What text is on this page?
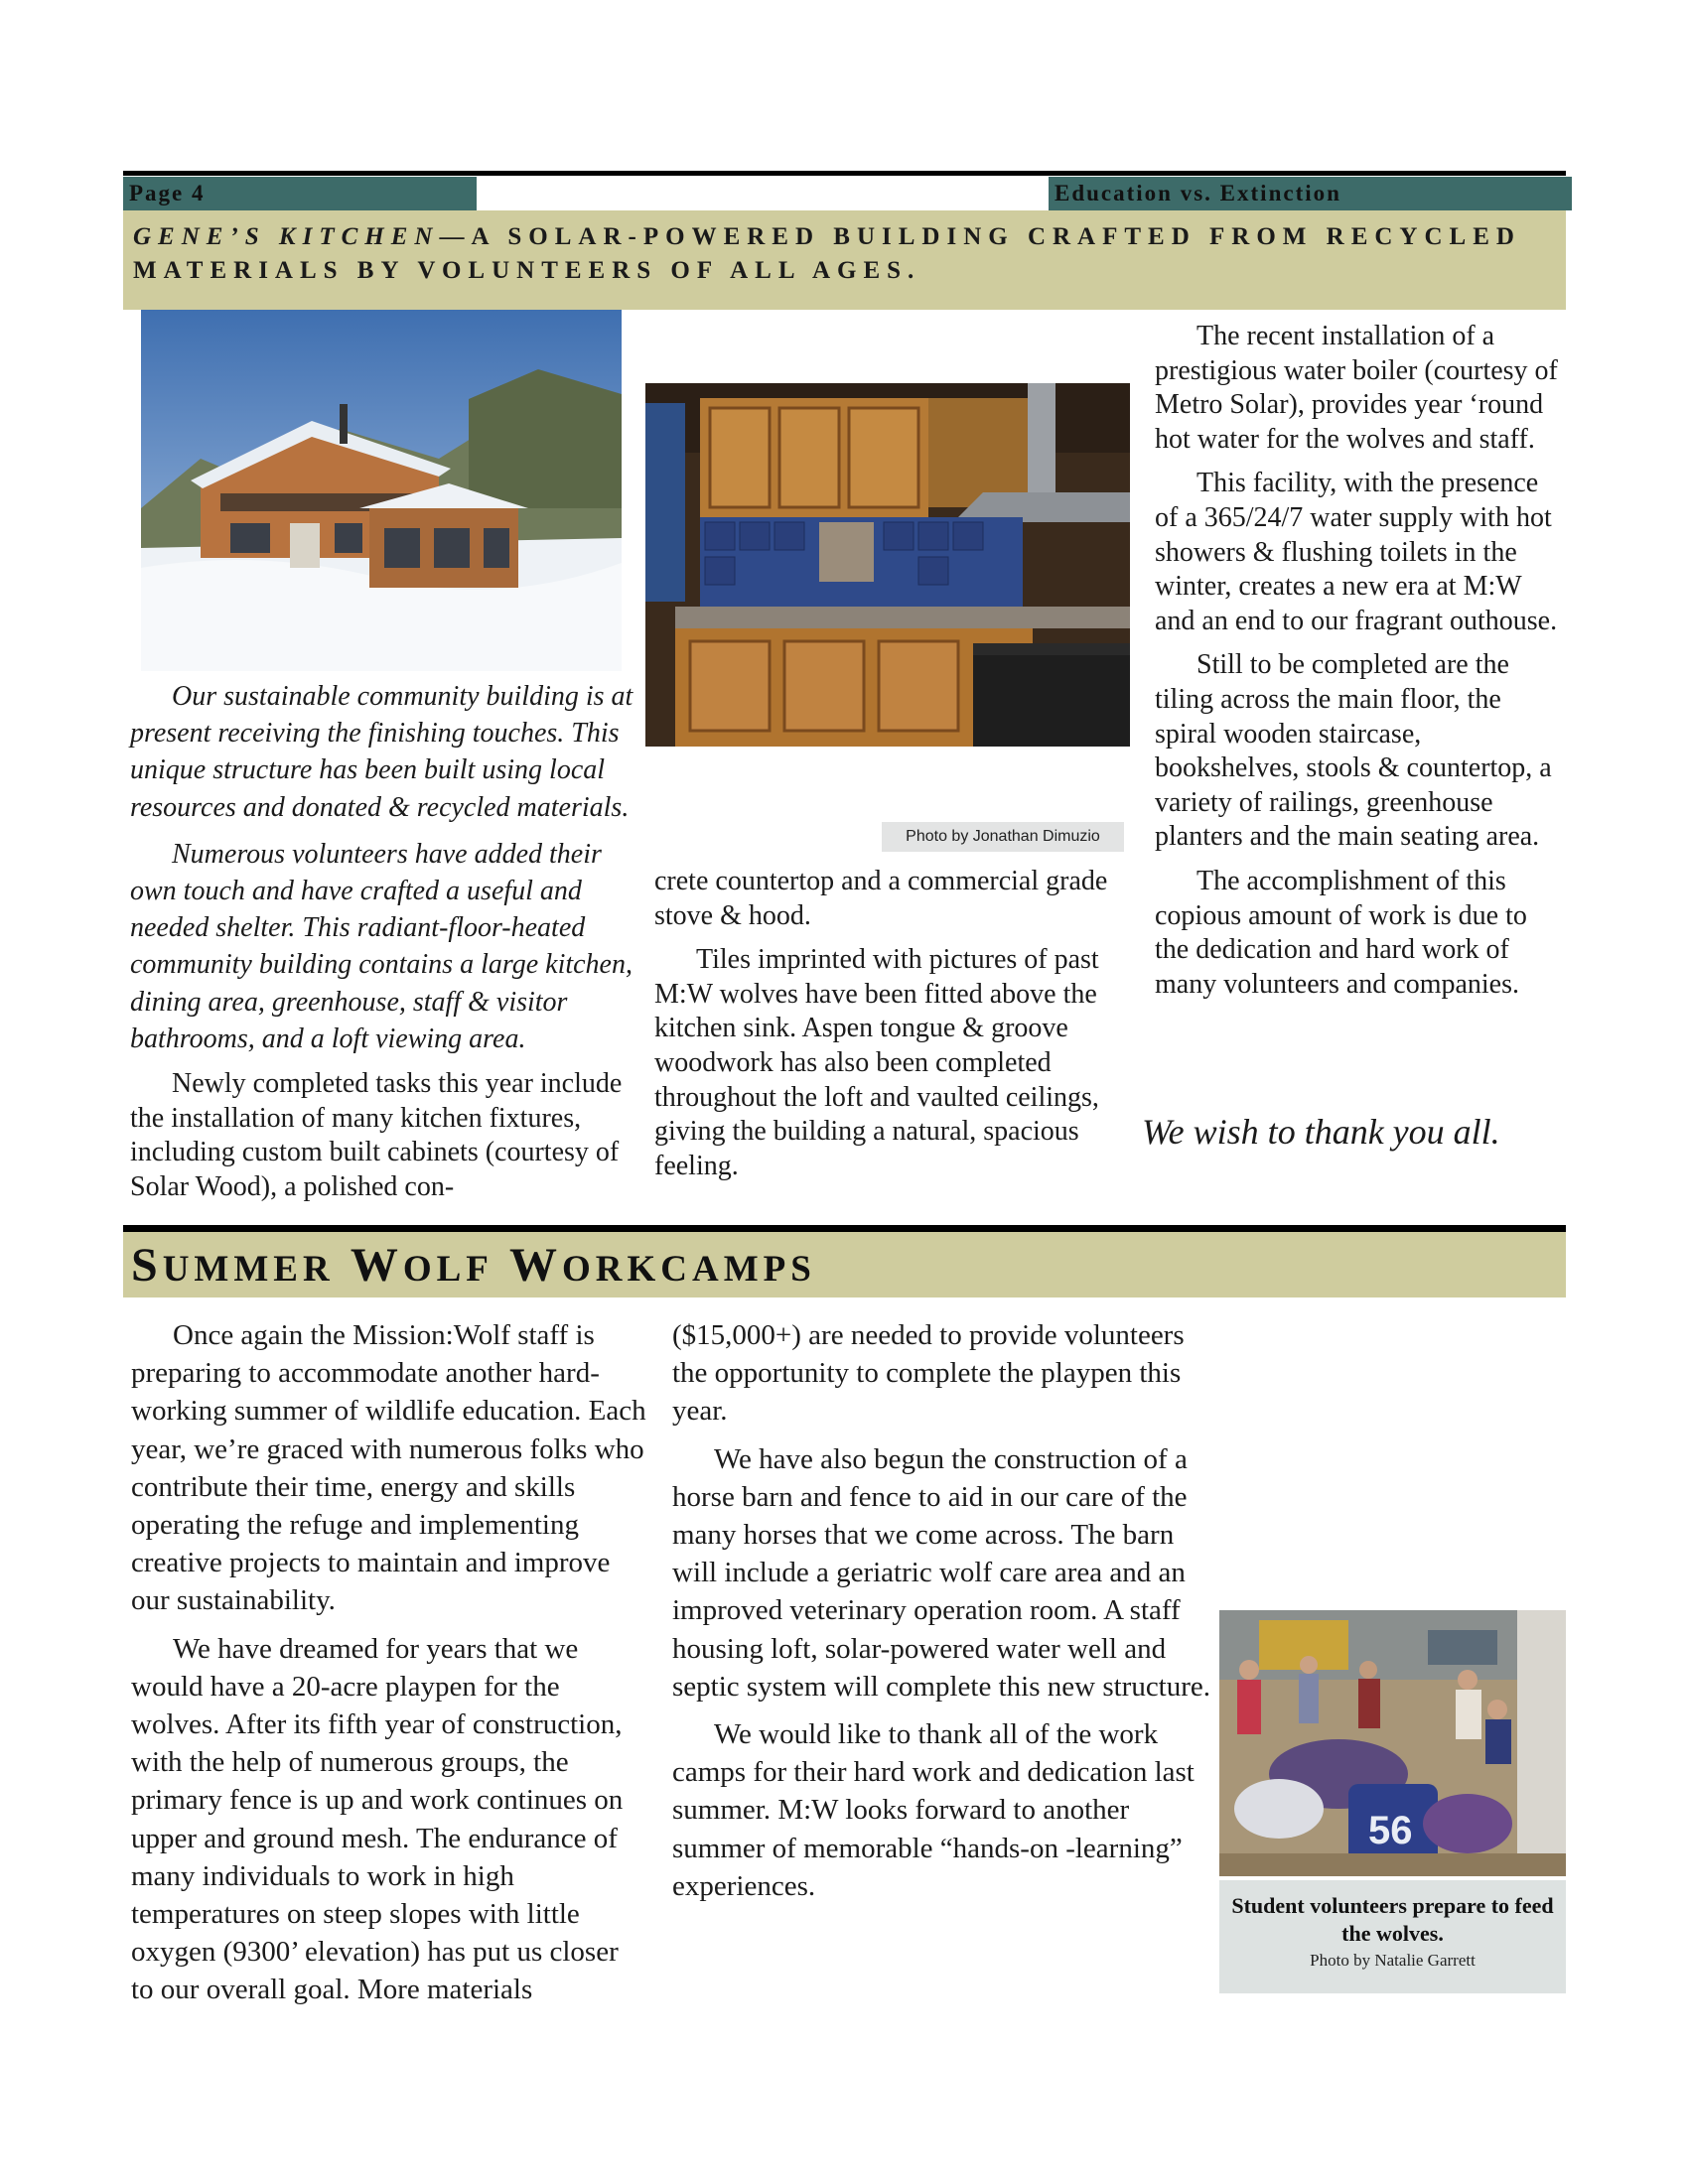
Page 4	Education vs. Extinction
GENE’S KITCHEN—A SOLAR-POWERED BUILDING CRAFTED FROM RECYCLED MATERIALS BY VOLUNTEERS OF ALL AGES.
Photo by Jonathan Dimuzio

Our sustainable community building is at present receiving the finishing touches. This unique structure has been built using local resources and donated & recycled materials.

Numerous volunteers have added their own touch and have crafted a useful and needed shelter. This radiant-floor-heated community building contains a large kitchen, dining area, greenhouse, staff & visitor bathrooms, and a loft viewing area.

Newly completed tasks this year include the installation of many kitchen fixtures, including custom built cabinets (courtesy of Solar Wood), a polished con-

crete countertop and a commercial grade stove & hood.

Tiles imprinted with pictures of past M:W wolves have been fitted above the kitchen sink. Aspen tongue & groove woodwork has also been completed throughout the loft and vaulted ceilings, giving the building a natural, spacious feeling.

The recent installation of a prestigious water boiler (courtesy of Metro Solar), provides year ‘round hot water for the wolves and staff.

This facility, with the presence of a 365/24/7 water supply with hot showers & flushing toilets in the winter, creates a new era at M:W and an end to our fragrant outhouse.

Still to be completed are the tiling across the main floor, the spiral wooden staircase, bookshelves, stools & countertop, a variety of railings, greenhouse planters and the main seating area.

The accomplishment of this copious amount of work is due to the dedication and hard work of many volunteers and companies.

We wish to thank you all.
SUMMER WOLF WORKCAMPS

Once again the Mission:Wolf staff is preparing to accommodate another hard-working summer of wildlife education. Each year, we’re graced with numerous folks who contribute their time, energy and skills operating the refuge and implementing creative projects to maintain and improve our sustainability.

We have dreamed for years that we would have a 20-acre playpen for the wolves. After its fifth year of construction, with the help of numerous groups, the primary fence is up and work continues on upper and ground mesh. The endurance of many individuals to work in high temperatures on steep slopes with little oxygen (9300’ elevation) has put us closer to our overall goal. More materials

($15,000+) are needed to provide volunteers the opportunity to complete the playpen this year.

We have also begun the construction of a horse barn and fence to aid in our care of the many horses that we come across. The barn will include a geriatric wolf care area and an improved veterinary operation room. A staff housing loft, solar-powered water well and septic system will complete this new structure.

We would like to thank all of the work camps for their hard work and dedication last summer. M:W looks forward to another summer of memorable “hands-on -learning” experiences.

56
Student volunteers prepare to feed the wolves.
Photo by Natalie Garrett
